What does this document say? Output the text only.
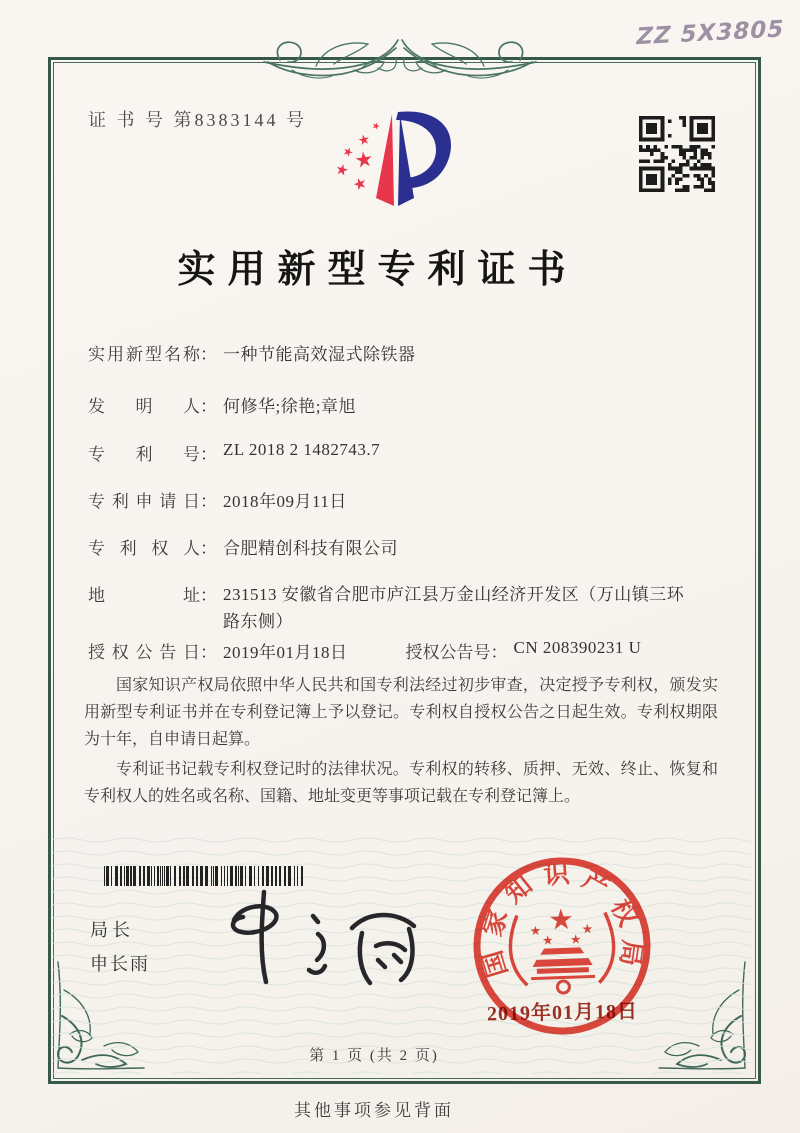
ZZ 5X3805
证 书 号 第8383144 号
实用新型专利证书
实用新型名称 ： 一种节能高效湿式除铁器
发明人 ： 何修华;徐艳;章旭
专利号 ： ZL 2018 2 1482743.7
专利申请日 ： 2018年09月11日
专利权人 ： 合肥精创科技有限公司
地址 ： 231513 安徽省合肥市庐江县万金山经济开发区（万山镇三环路东侧）
授权公告日 ： 2019年01月18日	授权公告号 ： CN 208390231 U

国家知识产权局依照中华人民共和国专利法经过初步审查，决定授予专利权，颁发实用新型专利证书并在专利登记簿上予以登记。专利权自授权公告之日起生效。专利权期限为十年，自申请日起算。

专利证书记载专利权登记时的法律状况。专利权的转移、质押、无效、终止、恢复和专利权人的姓名或名称、国籍、地址变更等事项记载在专利登记簿上。

局长
申长雨	国家知识产权局
2019年01月18日
第 1 页 (共 2 页)
其他事项参见背面
